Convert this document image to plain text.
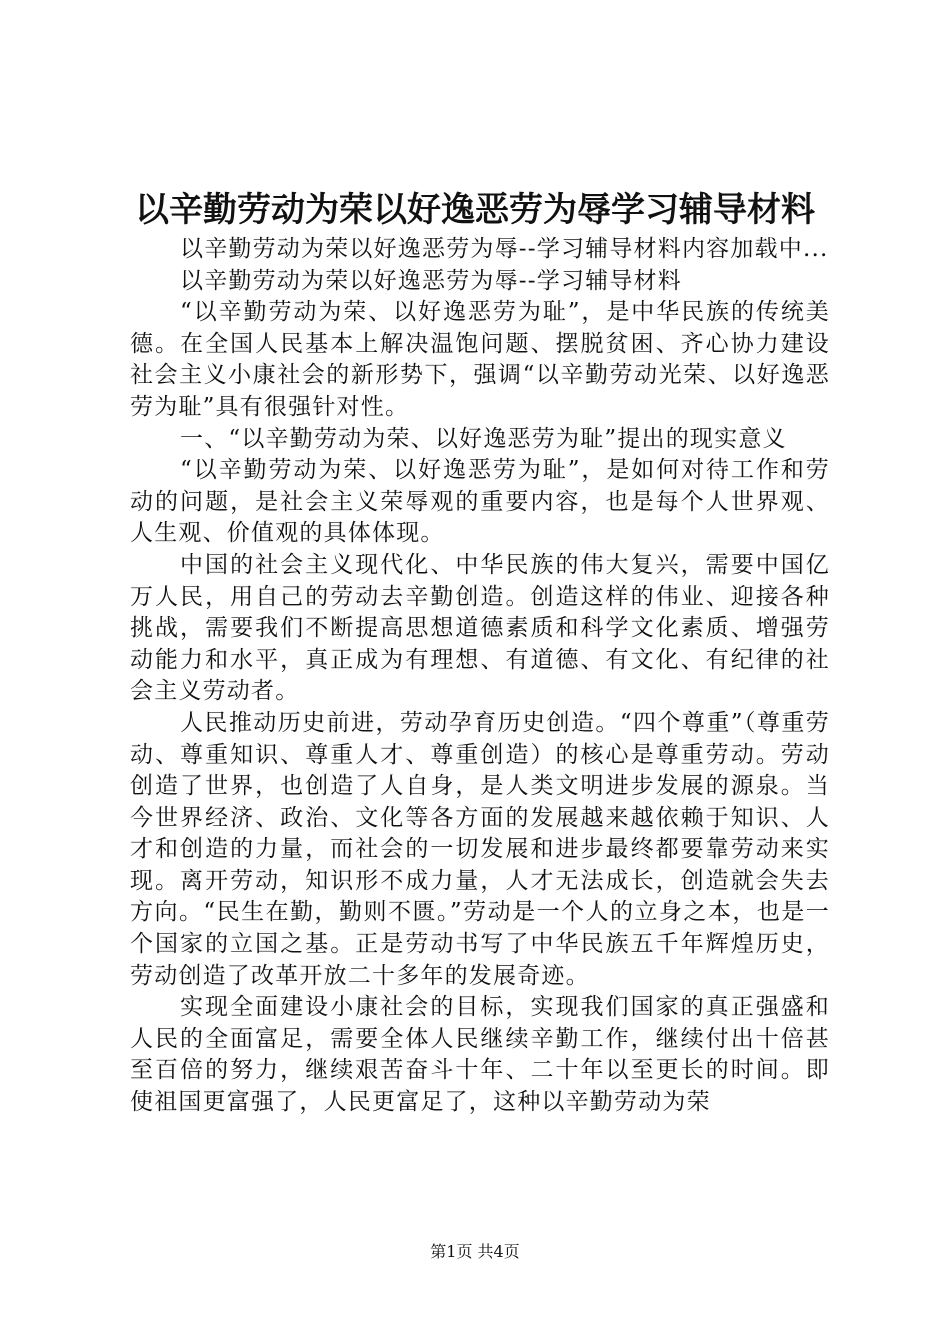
以辛勤劳动为荣以好逸恶劳为辱学习辅导材料

以辛勤劳动为荣以好逸恶劳为辱--学习辅导材料内容加载中...

以辛勤劳动为荣以好逸恶劳为辱--学习辅导材料

“以辛勤劳动为荣、以好逸恶劳为耻”，是中华民族的传统美德。在全国人民基本上解决温饱问题、摆脱贫困、齐心协力建设社会主义小康社会的新形势下，强调“以辛勤劳动光荣、以好逸恶劳为耻”具有很强针对性。

一、“以辛勤劳动为荣、以好逸恶劳为耻”提出的现实意义

“以辛勤劳动为荣、以好逸恶劳为耻”，是如何对待工作和劳动的问题，是社会主义荣辱观的重要内容，也是每个人世界观、人生观、价值观的具体体现。

中国的社会主义现代化、中华民族的伟大复兴，需要中国亿万人民，用自己的劳动去辛勤创造。创造这样的伟业、迎接各种挑战，需要我们不断提高思想道德素质和科学文化素质、增强劳动能力和水平，真正成为有理想、有道德、有文化、有纪律的社会主义劳动者。

人民推动历史前进，劳动孕育历史创造。“四个尊重”（尊重劳动、尊重知识、尊重人才、尊重创造）的核心是尊重劳动。劳动创造了世界，也创造了人自身，是人类文明进步发展的源泉。当今世界经济、政治、文化等各方面的发展越来越依赖于知识、人才和创造的力量，而社会的一切发展和进步最终都要靠劳动来实现。离开劳动，知识形不成力量，人才无法成长，创造就会失去方向。“民生在勤，勤则不匮。”劳动是一个人的立身之本，也是一个国家的立国之基。正是劳动书写了中华民族五千年辉煌历史，劳动创造了改革开放二十多年的发展奇迹。

实现全面建设小康社会的目标，实现我们国家的真正强盛和人民的全面富足，需要全体人民继续辛勤工作，继续付出十倍甚至百倍的努力，继续艰苦奋斗十年、二十年以至更长的时间。即使祖国更富强了，人民更富足了，这种以辛勤劳动为荣

第1页 共4页
